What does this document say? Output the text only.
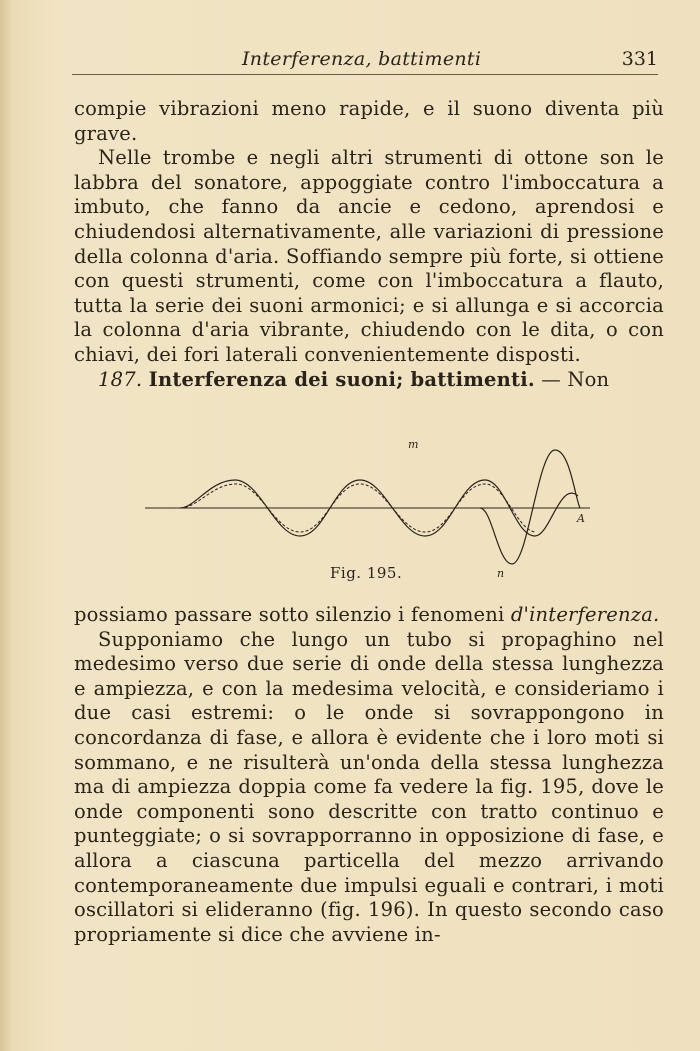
Interferenza, battimenti	331

compie vibrazioni meno rapide, e il suono diventa più grave.

Nelle trombe e negli altri strumenti di ottone son le labbra del sonatore, appoggiate contro l'imboccatura a imbuto, che fanno da ancie e cedono, aprendosi e chiudendosi alternativamente, alle variazioni di pressione della colonna d'aria. Soffiando sempre più forte, si ottiene con questi strumenti, come con l'imboccatura a flauto, tutta la serie dei suoni armonici; e si allunga e si accorcia la colonna d'aria vibrante, chiudendo con le dita, o con chiavi, dei fori laterali convenientemente disposti.

187. Interferenza dei suoni; battimenti. — Non

m
n
A
Fig. 195.

possiamo passare sotto silenzio i fenomeni d'interferenza.

Supponiamo che lungo un tubo si propaghino nel medesimo verso due serie di onde della stessa lunghezza e ampiezza, e con la medesima velocità, e consideriamo i due casi estremi: o le onde si sovrappongono in concordanza di fase, e allora è evidente che i loro moti si sommano, e ne risulterà un'onda della stessa lunghezza ma di ampiezza doppia come fa vedere la fig. 195, dove le onde componenti sono descritte con tratto continuo e punteggiate; o si sovrapporranno in opposizione di fase, e allora a ciascuna particella del mezzo arrivando contemporaneamente due impulsi eguali e contrari, i moti oscillatori si elideranno (fig. 196). In questo secondo caso propriamente si dice che avviene in-
